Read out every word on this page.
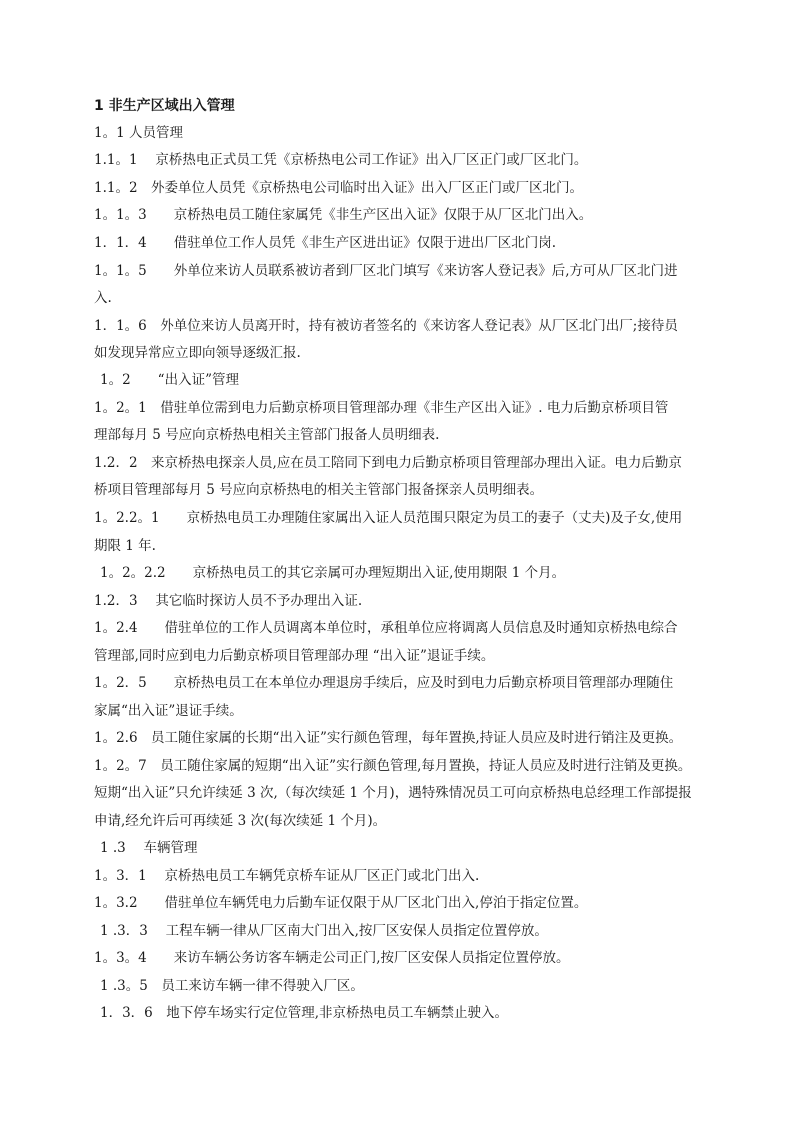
1 非生产区域出入管理
1。1 人员管理
1.1。1　 京桥热电正式员工凭《京桥热电公司工作证》出入厂区正门或厂区北门。
1.1。2　外委单位人员凭《京桥热电公司临时出入证》出入厂区正门或厂区北门。
1。1。3　　京桥热电员工随住家属凭《非生产区出入证》仅限于从厂区北门出入。
1．1．4　　借驻单位工作人员凭《非生产区进出证》仅限于进出厂区北门岗.
1。1。5　　外单位来访人员联系被访者到厂区北门填写《来访客人登记表》后,方可从厂区北门进
入.
1．1。6　外单位来访人员离开时，持有被访者签名的《来访客人登记表》从厂区北门出厂;接待员
如发现异常应立即向领导逐级汇报.
1。2　　“出入证”管理
1。2。1　借驻单位需到电力后勤京桥项目管理部办理《非生产区出入证》. 电力后勤京桥项目管
理部每月 5 号应向京桥热电相关主管部门报备人员明细表.
1.2．2　来京桥热电探亲人员,应在员工陪同下到电力后勤京桥项目管理部办理出入证。电力后勤京
桥项目管理部每月 5 号应向京桥热电的相关主管部门报备探亲人员明细表。
1。2.2。1　　京桥热电员工办理随住家属出入证人员范围只限定为员工的妻子（丈夫)及子女,使用
期限 1 年.
1。2。2.2　　京桥热电员工的其它亲属可办理短期出入证,使用期限 1 个月。
1.2．3　 其它临时探访人员不予办理出入证.
1。2.4　　借驻单位的工作人员调离本单位时，承租单位应将调离人员信息及时通知京桥热电综合
管理部,同时应到电力后勤京桥项目管理部办理 “出入证”退证手续。
1。2．5　　京桥热电员工在本单位办理退房手续后，应及时到电力后勤京桥项目管理部办理随住
家属“出入证”退证手续。
1。2.6　员工随住家属的长期“出入证”实行颜色管理，每年置换,持证人员应及时进行销注及更换。
1。2。7　员工随住家属的短期“出入证”实行颜色管理,每月置换，持证人员应及时进行注销及更换。
短期“出入证”只允许续延 3 次,（每次续延 1 个月)，遇特殊情况员工可向京桥热电总经理工作部提报
申请,经允许后可再续延 3 次(每次续延 1 个月)。
1 .3　 车辆管理
1。3．1　 京桥热电员工车辆凭京桥车证从厂区正门或北门出入.
1。3.2　　借驻单位车辆凭电力后勤车证仅限于从厂区北门出入,停泊于指定位置。
1 .3．3　 工程车辆一律从厂区南大门出入,按厂区安保人员指定位置停放。
1。3。4　　来访车辆公务访客车辆走公司正门,按厂区安保人员指定位置停放。
1 .3。5　员工来访车辆一律不得驶入厂区。
1．3．6　地下停车场实行定位管理,非京桥热电员工车辆禁止驶入。
